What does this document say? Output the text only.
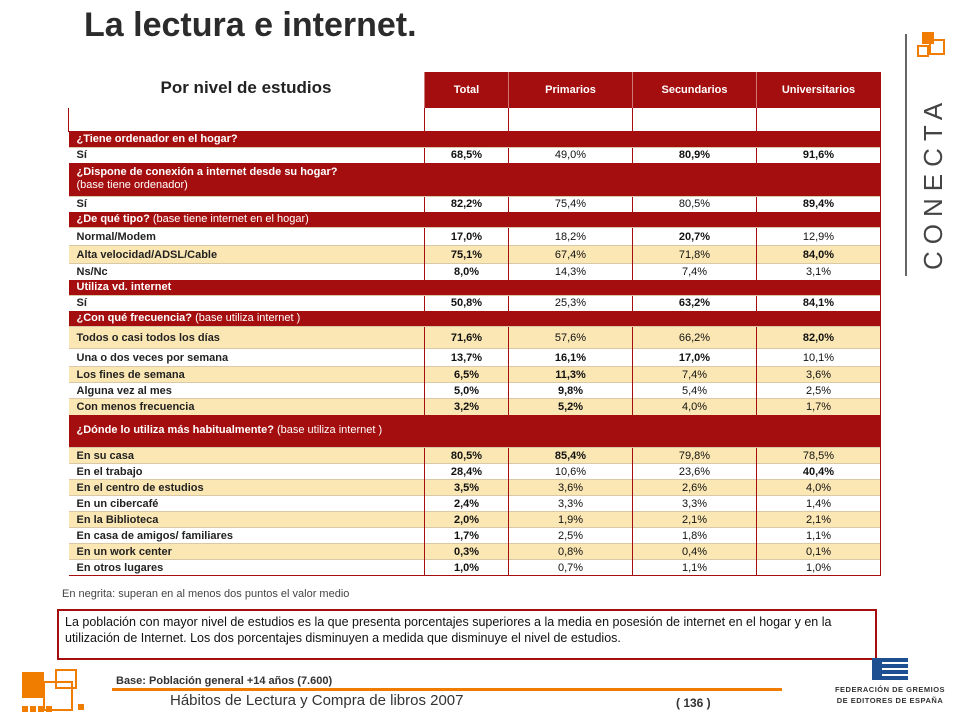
La lectura e internet.
	Total	Primarios	Secundarios	Universitarios

¿Tiene ordenador en el hogar?				
Sí	68,5%	49,0%	80,9%	91,6%
¿Dispone de conexión a internet desde su hogar?
(base tiene ordenador)				
Sí	82,2%	75,4%	80,5%	89,4%
¿De qué tipo? (base tiene internet en el hogar)				
Normal/Modem	17,0%	18,2%	20,7%	12,9%
Alta velocidad/ADSL/Cable	75,1%	67,4%	71,8%	84,0%
Ns/Nc	8,0%	14,3%	7,4%	3,1%
Utiliza vd. internet				
Sí	50,8%	25,3%	63,2%	84,1%
¿Con qué frecuencia? (base utiliza internet )				
Todos o casi todos los días	71,6%	57,6%	66,2%	82,0%
Una o dos veces por semana	13,7%	16,1%	17,0%	10,1%
Los fines de semana	6,5%	11,3%	7,4%	3,6%
Alguna vez al mes	5,0%	9,8%	5,4%	2,5%
Con menos frecuencia	3,2%	5,2%	4,0%	1,7%
¿Dónde lo utiliza más habitualmente? (base utiliza internet )				
En su casa	80,5%	85,4%	79,8%	78,5%
En el trabajo	28,4%	10,6%	23,6%	40,4%
En el centro de estudios	3,5%	3,6%	2,6%	4,0%
En un cibercafé	2,4%	3,3%	3,3%	1,4%
En la Biblioteca	2,0%	1,9%	2,1%	2,1%
En casa de amigos/ familiares	1,7%	2,5%	1,8%	1,1%
En un work center	0,3%	0,8%	0,4%	0,1%
En otros lugares	1,0%	0,7%	1,1%	1,0%
Por nivel de estudios
En negrita: superan en al menos dos puntos el valor medio
La población con mayor nivel de estudios es la que presenta porcentajes superiores a la media en posesión de internet en el hogar y en la utilización de Internet. Los dos porcentajes disminuyen a medida que disminuye el nivel de estudios.
Base: Población general +14 años (7.600)
Hábitos de Lectura y Compra de libros 2007	( 136 )
CONECTA
FEDERACIÓN DE GREMIOS
DE EDITORES DE ESPAÑA
